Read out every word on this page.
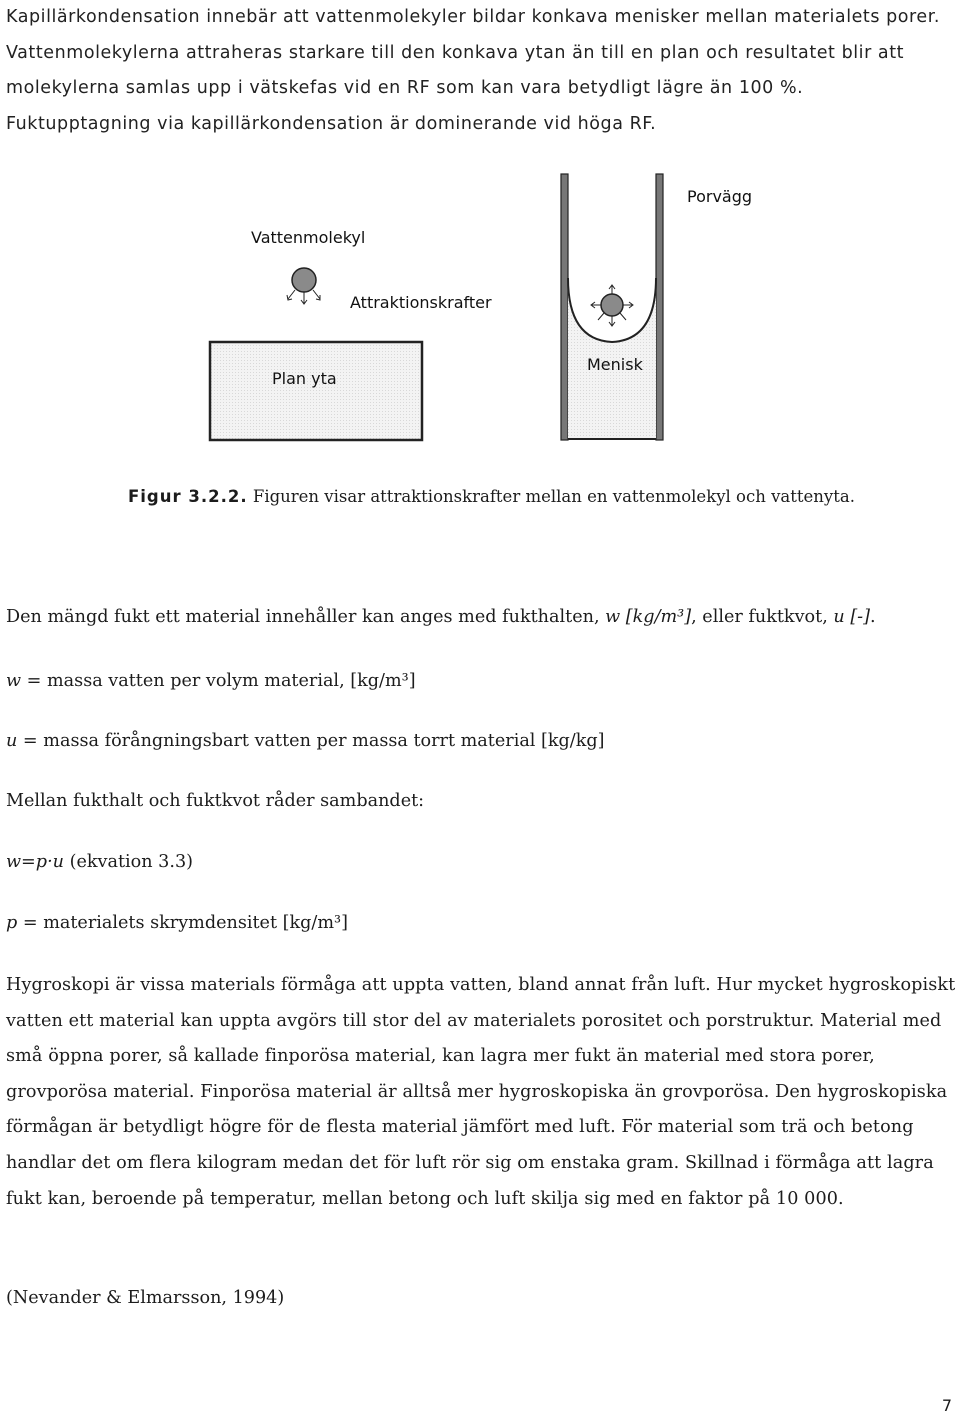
Kapillärkondensation innebär att vattenmolekyler bildar konkava menisker mellan materialets porer. Vattenmolekylerna attraheras starkare till den konkava ytan än till en plan och resultatet blir att molekylerna samlas upp i vätskefas vid en RF som kan vara betydligt lägre än 100 %. Fuktupptagning via kapillärkondensation är dominerande vid höga RF.

Plan yta
Vattenmolekyl
Attraktionskrafter
Menisk
Porvägg

Figur 3.2.2. Figuren visar attraktionskrafter mellan en vattenmolekyl och vattenyta.

Den mängd fukt ett material innehåller kan anges med fukthalten, w [kg/m³], eller fuktkvot, u [-].

w = massa vatten per volym material, [kg/m³]

u = massa förångningsbart vatten per massa torrt material [kg/kg]

Mellan fukthalt och fuktkvot råder sambandet:

w=p·u (ekvation 3.3)

p = materialets skrymdensitet [kg/m³]

Hygroskopi är vissa materials förmåga att uppta vatten, bland annat från luft. Hur mycket hygroskopiskt vatten ett material kan uppta avgörs till stor del av materialets porositet och porstruktur. Material med små öppna porer, så kallade finporösa material, kan lagra mer fukt än material med stora porer, grovporösa material. Finporösa material är alltså mer hygroskopiska än grovporösa. Den hygroskopiska förmågan är betydligt högre för de flesta material jämfört med luft. För material som trä och betong handlar det om flera kilogram medan det för luft rör sig om enstaka gram. Skillnad i förmåga att lagra fukt kan, beroende på temperatur, mellan betong och luft skilja sig med en faktor på 10 000.

(Nevander & Elmarsson, 1994)

7
